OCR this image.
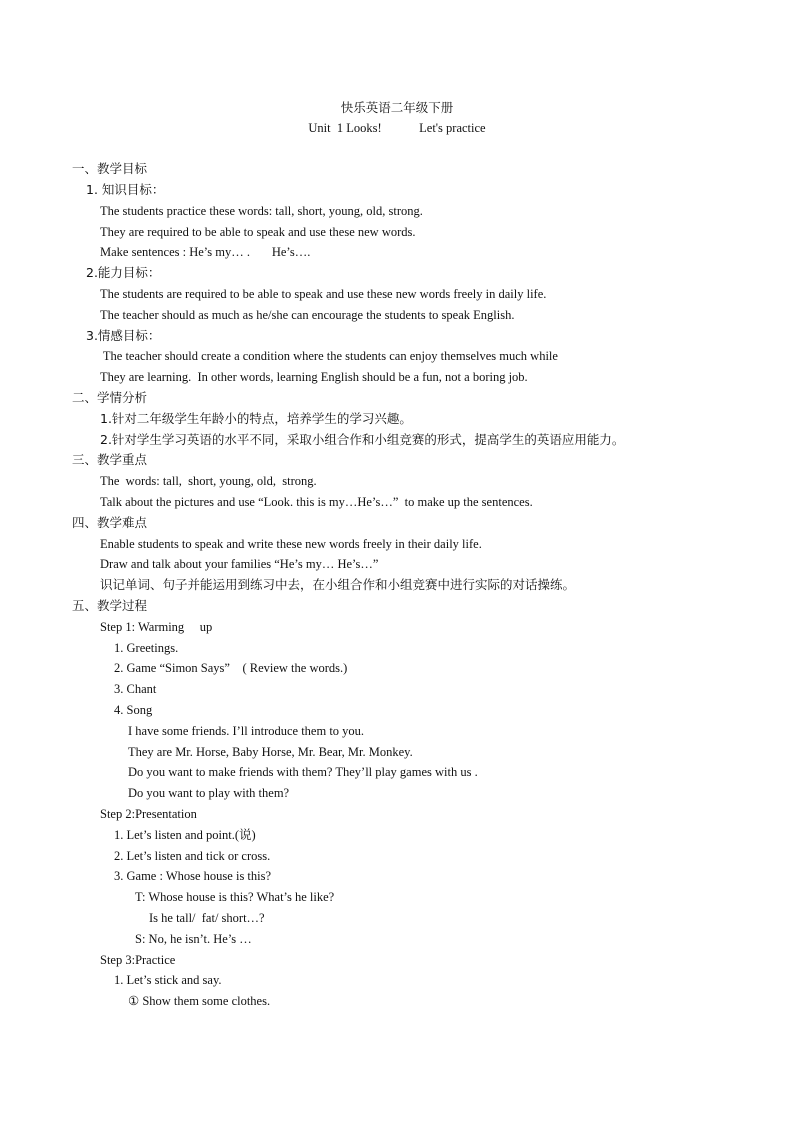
快乐英语二年级下册
Unit  1 Looks!            Let's practice
一、教学目标
1. 知识目标：
The students practice these words: tall, short, young, old, strong.
They are required to be able to speak and use these new words.
Make sentences : He’s my… .       He’s….
2.能力目标：
The students are required to be able to speak and use these new words freely in daily life.
The teacher should as much as he/she can encourage the students to speak English.
3.情感目标：
The teacher should create a condition where the students can enjoy themselves much while
They are learning.  In other words, learning English should be a fun, not a boring job.
二、学情分析
1.针对二年级学生年龄小的特点，培养学生的学习兴趣。
2.针对学生学习英语的水平不同，采取小组合作和小组竞赛的形式，提高学生的英语应用能力。
三、教学重点
The  words: tall,  short, young, old,  strong.
Talk about the pictures and use “Look. this is my…He’s…”  to make up the sentences.
四、教学难点
Enable students to speak and write these new words freely in their daily life.
Draw and talk about your families “He’s my… He’s…”
识记单词、句子并能运用到练习中去，在小组合作和小组竞赛中进行实际的对话操练。
五、教学过程
Step 1: Warming     up
1. Greetings.
2. Game “Simon Says”    ( Review the words.)
3. Chant
4. Song
I have some friends. I’ll introduce them to you.
They are Mr. Horse, Baby Horse, Mr. Bear, Mr. Monkey.
Do you want to make friends with them? They’ll play games with us .
Do you want to play with them?
Step 2:Presentation
1. Let’s listen and point.(说)
2. Let’s listen and tick or cross.
3. Game : Whose house is this?
T: Whose house is this? What’s he like?
Is he tall/  fat/ short…?
S: No, he isn’t. He’s …
Step 3:Practice
1. Let’s stick and say.
① Show them some clothes.
